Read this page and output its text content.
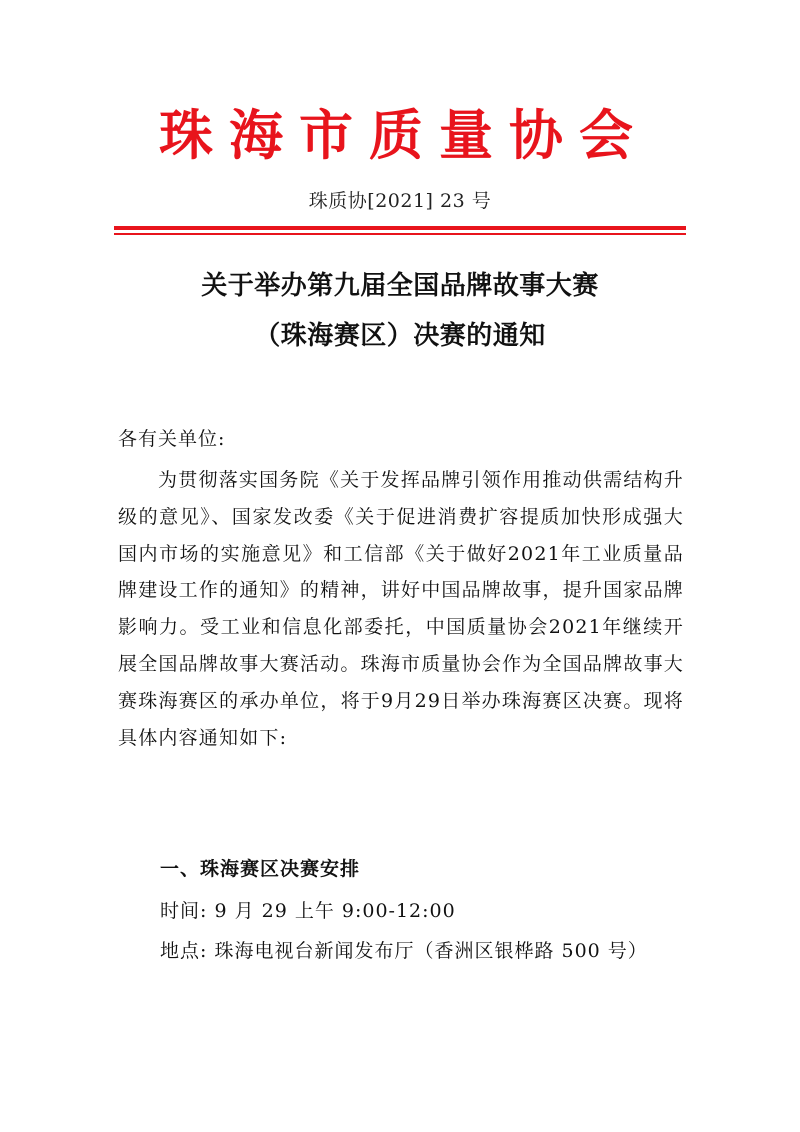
珠海市质量协会
珠质协[2021] 23 号
关于举办第九届全国品牌故事大赛
（珠海赛区）决赛的通知
各有关单位:

为贯彻落实国务院《关于发挥品牌引领作用推动供需结构升级的意见》、国家发改委《关于促进消费扩容提质加快形成强大国内市场的实施意见》和工信部《关于做好2021年工业质量品牌建设工作的通知》的精神，讲好中国品牌故事，提升国家品牌影响力。受工业和信息化部委托，中国质量协会2021年继续开展全国品牌故事大赛活动。珠海市质量协会作为全国品牌故事大赛珠海赛区的承办单位，将于9月29日举办珠海赛区决赛。现将具体内容通知如下:

一、珠海赛区决赛安排
时间: 9 月 29 上午 9:00-12:00
地点: 珠海电视台新闻发布厅（香洲区银桦路 500 号）
